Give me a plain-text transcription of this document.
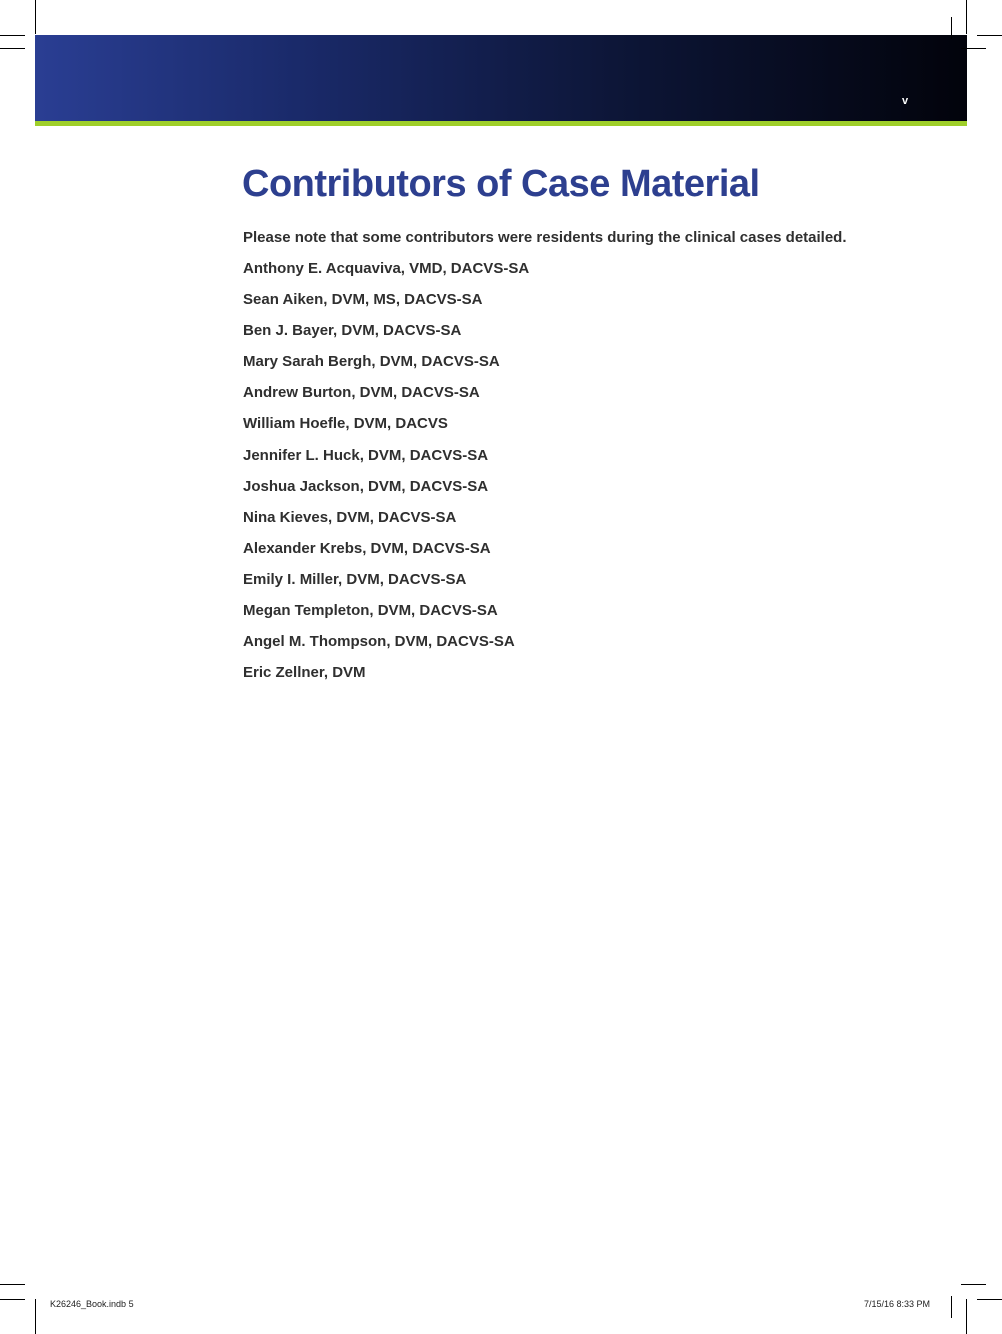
v
Contributors of Case Material

Please note that some contributors were residents during the clinical cases detailed.

Anthony E. Acquaviva, VMD, DACVS-SA
Sean Aiken, DVM, MS, DACVS-SA
Ben J. Bayer, DVM, DACVS-SA
Mary Sarah Bergh, DVM, DACVS-SA
Andrew Burton, DVM, DACVS-SA
William Hoefle, DVM, DACVS
Jennifer L. Huck, DVM, DACVS-SA
Joshua Jackson, DVM, DACVS-SA
Nina Kieves, DVM, DACVS-SA
Alexander Krebs, DVM, DACVS-SA
Emily I. Miller, DVM, DACVS-SA
Megan Templeton, DVM, DACVS-SA
Angel M. Thompson, DVM, DACVS-SA
Eric Zellner, DVM
K26246_Book.indb 5	7/15/16 8:33 PM
